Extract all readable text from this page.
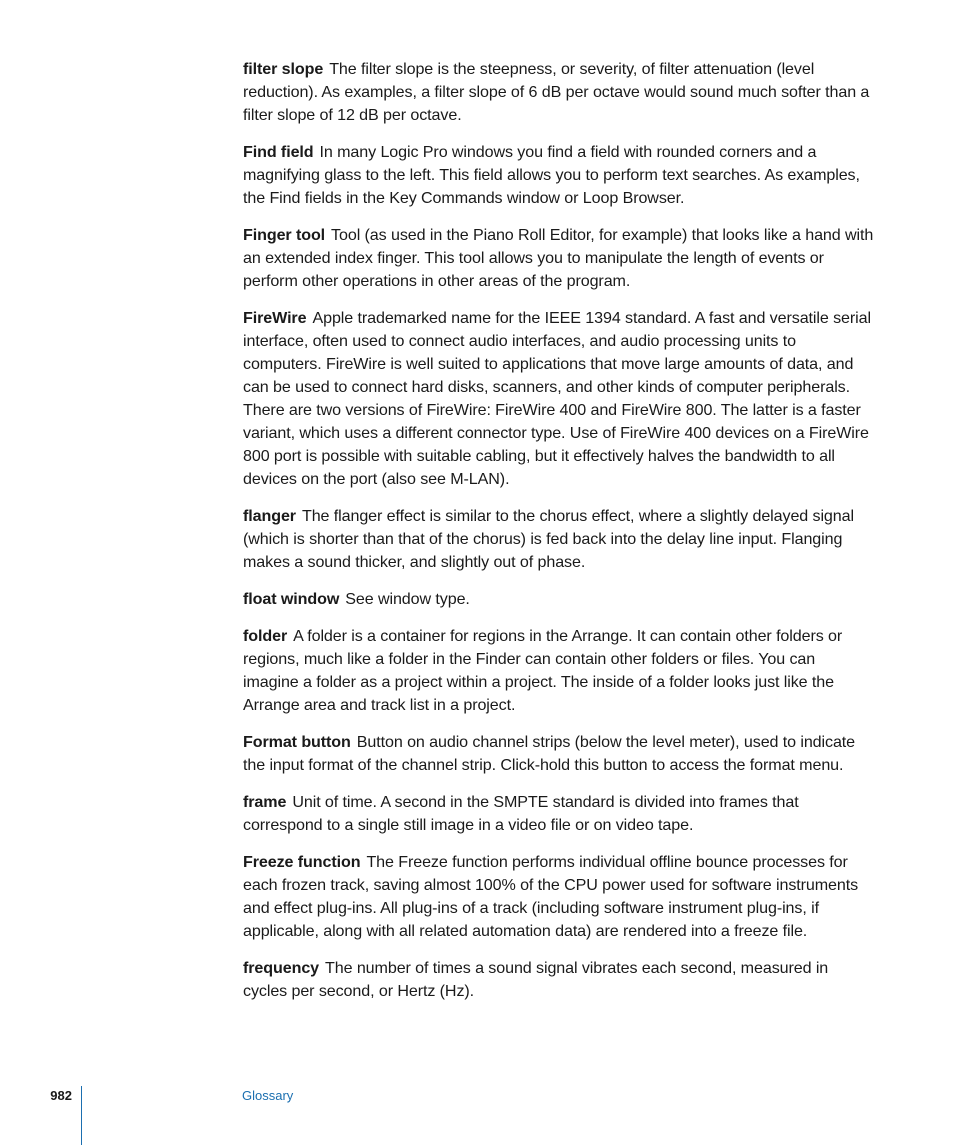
filter slope The filter slope is the steepness, or severity, of filter attenuation (level reduction). As examples, a filter slope of 6 dB per octave would sound much softer than a filter slope of 12 dB per octave.

Find field In many Logic Pro windows you find a field with rounded corners and a magnifying glass to the left. This field allows you to perform text searches. As examples, the Find fields in the Key Commands window or Loop Browser.

Finger tool Tool (as used in the Piano Roll Editor, for example) that looks like a hand with an extended index finger. This tool allows you to manipulate the length of events or perform other operations in other areas of the program.

FireWire Apple trademarked name for the IEEE 1394 standard. A fast and versatile serial interface, often used to connect audio interfaces, and audio processing units to computers. FireWire is well suited to applications that move large amounts of data, and can be used to connect hard disks, scanners, and other kinds of computer peripherals. There are two versions of FireWire: FireWire 400 and FireWire 800. The latter is a faster variant, which uses a different connector type. Use of FireWire 400 devices on a FireWire 800 port is possible with suitable cabling, but it effectively halves the bandwidth to all devices on the port (also see M-LAN).

flanger The flanger effect is similar to the chorus effect, where a slightly delayed signal (which is shorter than that of the chorus) is fed back into the delay line input. Flanging makes a sound thicker, and slightly out of phase.

float window See window type.

folder A folder is a container for regions in the Arrange. It can contain other folders or regions, much like a folder in the Finder can contain other folders or files. You can imagine a folder as a project within a project. The inside of a folder looks just like the Arrange area and track list in a project.

Format button Button on audio channel strips (below the level meter), used to indicate the input format of the channel strip. Click-hold this button to access the format menu.

frame Unit of time. A second in the SMPTE standard is divided into frames that correspond to a single still image in a video file or on video tape.

Freeze function The Freeze function performs individual offline bounce processes for each frozen track, saving almost 100% of the CPU power used for software instruments and effect plug-ins. All plug-ins of a track (including software instrument plug-ins, if applicable, along with all related automation data) are rendered into a freeze file.

frequency The number of times a sound signal vibrates each second, measured in cycles per second, or Hertz (Hz).

982	Glossary
